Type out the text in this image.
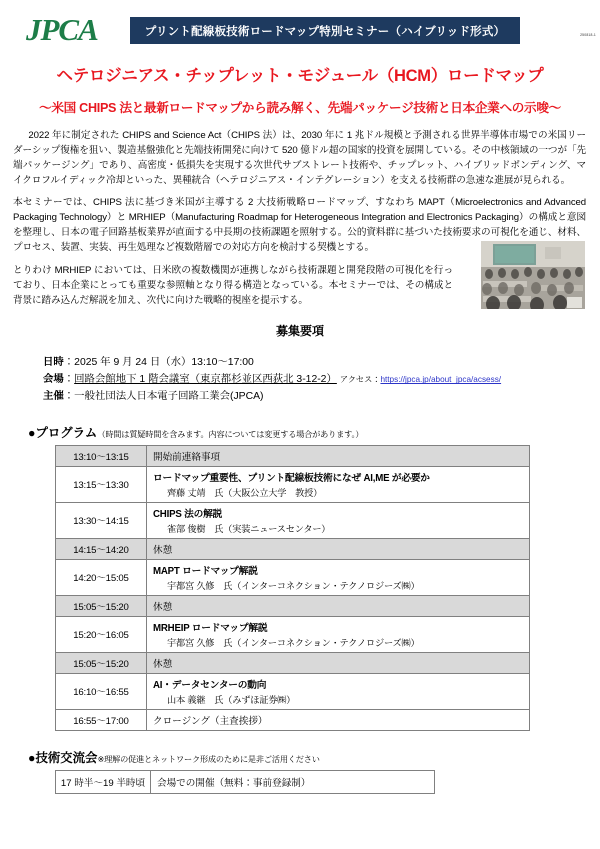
JPCA	プリント配線板技術ロードマップ特別セミナー（ハイブリッド形式）	250818-1
ヘテロジニアス・チップレット・モジュール（HCM）ロードマップ
～米国 CHIPS 法と最新ロードマップから読み解く、先端パッケージ技術と日本企業への示唆～

2022 年に制定された CHIPS and Science Act（CHIPS 法）は、2030 年に 1 兆ドル規模と予測される世界半導体市場での米国リーダーシップ復権を狙い、製造基盤強化と先端技術開発に向けて 520 億ドル超の国家的投資を展開している。その中核領域の一つが「先端パッケージング」であり、高密度・低損失を実現する次世代サブストレート技術や、チップレット、ハイブリッドボンディング、マイクロフルイディック冷却といった、異種統合（ヘテロジニアス・インテグレーション）を支える技術群の急速な進展が見られる。

本セミナーでは、CHIPS 法に基づき米国が主導する 2 大技術戦略ロードマップ、すなわち MAPT（Microelectronics and Advanced Packaging Technology）と MRHIEP（Manufacturing Roadmap for Heterogeneous Integration and Electronics Packaging）の構成と意図を整理し、日本の電子回路基板業界が直面する中長期の技術課題を照射する。公的資料群に基づいた技術要求の可視化を通じ、材料、プロセス、装置、実装、再生処理など複数階層での対応方向を検討する契機とする。

とりわけ MRHIEP においては、日米欧の複数機関が連携しながら技術課題と開発段階の可視化を行っており、日本企業にとっても重要な参照軸となり得る構造となっている。本セミナーでは、その構成と背景に踏み込んだ解説を加え、次代に向けた戦略的視座を提示する。

募集要項
日時：2025 年 9 月 24 日（水）13:10～17:00
会場：回路会館地下 1 階会議室（東京都杉並区西荻北 3-12-2） アクセス：https://jpca.jp/about_jpca/acsess/
主催：一般社団法人日本電子回路工業会(JPCA)
●プログラム（時間は質疑時間を含みます。内容については変更する場合があります。）
13:10～13:15	開始前連絡事項
13:15～13:30	ロードマップ重要性、プリント配線板技術になぜ AI,ME が必要か
齊藤 丈靖　氏（大阪公立大学　教授）

13:30～14:15	CHIPS 法の解説
雀部 俊樹　氏（実装ニュースセンター）

14:15～14:20	休憩
14:20～15:05	MAPT ロードマップ解説
宇都宮 久修　氏（インターコネクション・テクノロジーズ㈱）

15:05～15:20	休憩
15:20～16:05	MRHEIP ロードマップ解説
宇都宮 久修　氏（インターコネクション・テクノロジーズ㈱）

15:05～15:20	休憩
16:10～16:55	AI・データセンターの動向
山本 義継　氏（みずほ証券㈱）

16:55～17:00	クロージング（主査挨拶）
●技術交流会※理解の促進とネットワーク形成のために是非ご活用ください
17 時半～19 半時頃	会場での開催（無料：事前登録制）
